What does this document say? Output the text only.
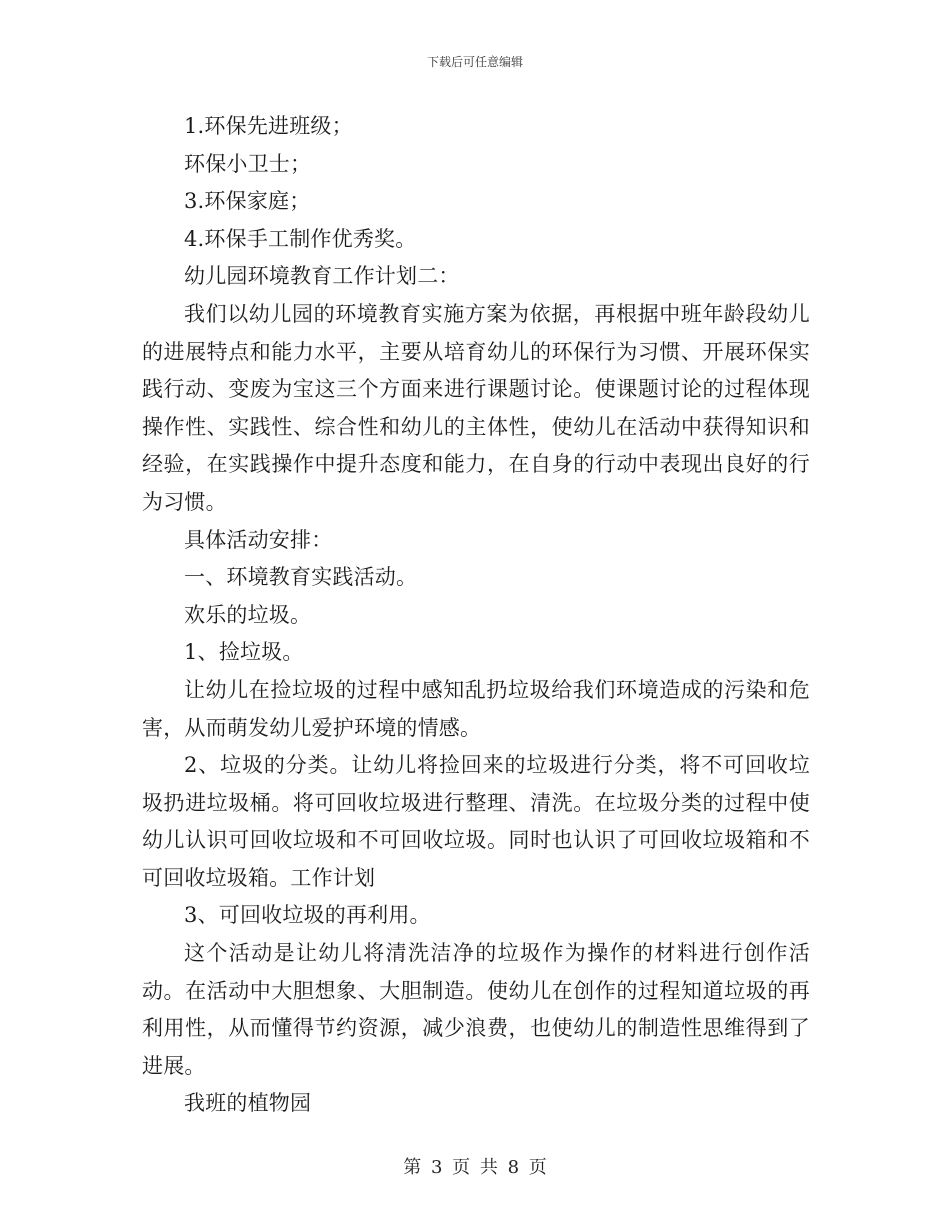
下载后可任意编辑

1.环保先进班级；

环保小卫士；

3.环保家庭；

4.环保手工制作优秀奖。

幼儿园环境教育工作计划二：

我们以幼儿园的环境教育实施方案为依据，再根据中班年龄段幼儿的进展特点和能力水平，主要从培育幼儿的环保行为习惯、开展环保实践行动、变废为宝这三个方面来进行课题讨论。使课题讨论的过程体现操作性、实践性、综合性和幼儿的主体性，使幼儿在活动中获得知识和经验，在实践操作中提升态度和能力，在自身的行动中表现出良好的行为习惯。

具体活动安排：

一、环境教育实践活动。

欢乐的垃圾。

1、捡垃圾。

让幼儿在捡垃圾的过程中感知乱扔垃圾给我们环境造成的污染和危害，从而萌发幼儿爱护环境的情感。

2、垃圾的分类。让幼儿将捡回来的垃圾进行分类，将不可回收垃圾扔进垃圾桶。将可回收垃圾进行整理、清洗。在垃圾分类的过程中使幼儿认识可回收垃圾和不可回收垃圾。同时也认识了可回收垃圾箱和不可回收垃圾箱。工作计划

3、可回收垃圾的再利用。

这个活动是让幼儿将清洗洁净的垃圾作为操作的材料进行创作活动。在活动中大胆想象、大胆制造。使幼儿在创作的过程知道垃圾的再利用性，从而懂得节约资源，减少浪费，也使幼儿的制造性思维得到了进展。

我班的植物园

第 3 页 共 8 页
